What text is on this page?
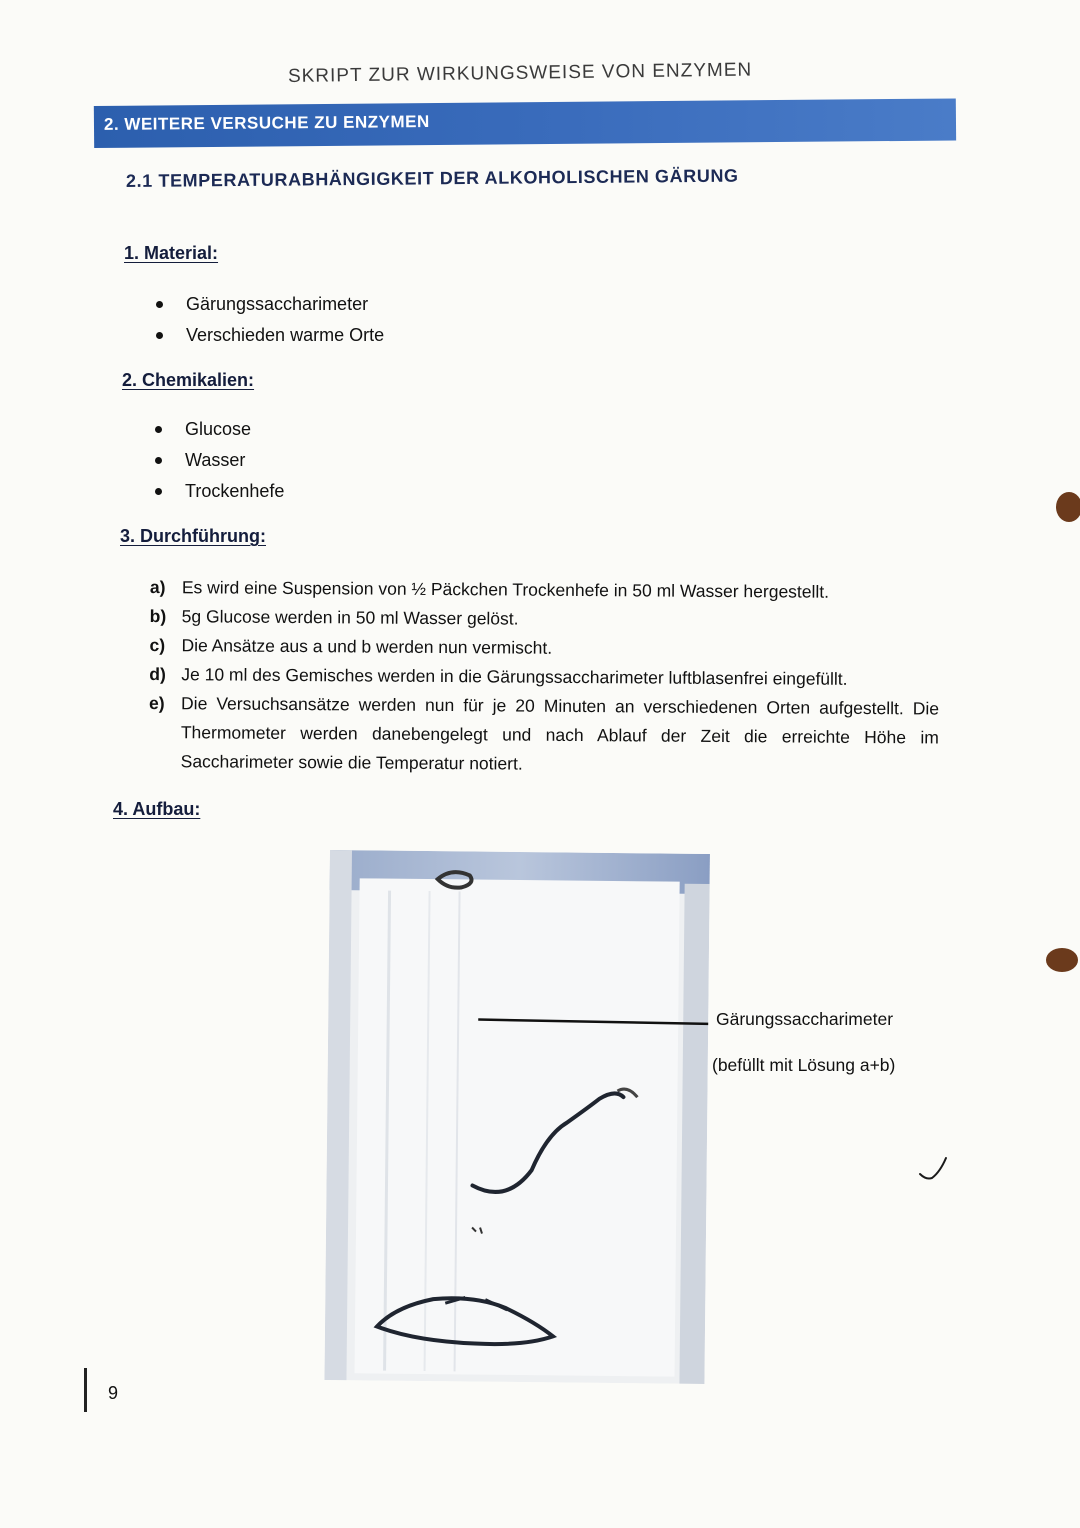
SKRIPT ZUR WIRKUNGSWEISE VON ENZYMEN
2. WEITERE VERSUCHE ZU ENZYMEN
2.1 TEMPERATURABHÄNGIGKEIT DER ALKOHOLISCHEN GÄRUNG
1. Material:
Gärungssaccharimeter
Verschieden warme Orte
2. Chemikalien:
Glucose
Wasser
Trockenhefe
3. Durchführung:
a) Es wird eine Suspension von ½ Päckchen Trockenhefe in 50 ml Wasser hergestellt.
b) 5g Glucose werden in 50 ml Wasser gelöst.
c) Die Ansätze aus a und b werden nun vermischt.
d) Je 10 ml des Gemisches werden in die Gärungssaccharimeter luftblasenfrei eingefüllt.
e) Die Versuchsansätze werden nun für je 20 Minuten an verschiedenen Orten aufgestellt. Die Thermometer werden danebengelegt und nach Ablauf der Zeit die erreichte Höhe im Saccharimeter sowie die Temperatur notiert.
4. Aufbau:
Gärungssaccharimeter
(befüllt mit Lösung a+b)
9
